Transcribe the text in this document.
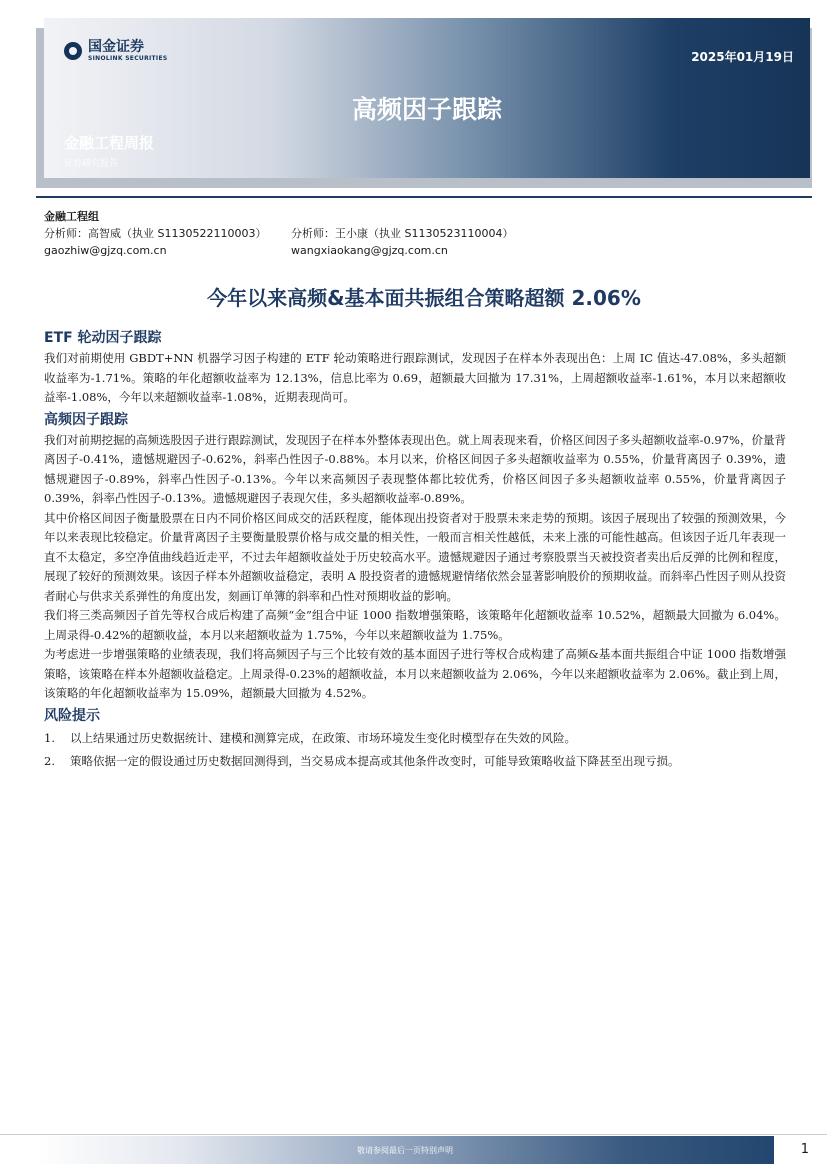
国金证券
SINOLINK SECURITIES	2025年01月19日
高频因子跟踪
金融工程周报
证券研究报告
金融工程组
分析师：高智威（执业 S1130522110003） 分析师：王小康（执业 S1130523110004）
gaozhiw@gjzq.com.cn	wangxiaokang@gjzq.com.cn
今年以来高频&基本面共振组合策略超额 2.06%
ETF 轮动因子跟踪

我们对前期使用 GBDT+NN 机器学习因子构建的 ETF 轮动策略进行跟踪测试，发现因子在样本外表现出色：上周 IC 值达-47.08%，多头超额收益率为-1.71%。策略的年化超额收益率为 12.13%，信息比率为 0.69，超额最大回撤为 17.31%，上周超额收益率-1.61%，本月以来超额收益率-1.08%，今年以来超额收益率-1.08%，近期表现尚可。

高频因子跟踪

我们对前期挖掘的高频选股因子进行跟踪测试，发现因子在样本外整体表现出色。就上周表现来看，价格区间因子多头超额收益率-0.97%，价量背离因子-0.41%，遗憾规避因子-0.62%，斜率凸性因子-0.88%。本月以来，价格区间因子多头超额收益率为 0.55%，价量背离因子 0.39%，遗憾规避因子-0.89%，斜率凸性因子-0.13%。今年以来高频因子表现整体都比较优秀，价格区间因子多头超额收益率 0.55%，价量背离因子 0.39%，斜率凸性因子-0.13%。遗憾规避因子表现欠佳，多头超额收益率-0.89%。

其中价格区间因子衡量股票在日内不同价格区间成交的活跃程度，能体现出投资者对于股票未来走势的预期。该因子展现出了较强的预测效果，今年以来表现比较稳定。价量背离因子主要衡量股票价格与成交量的相关性，一般而言相关性越低，未来上涨的可能性越高。但该因子近几年表现一直不太稳定，多空净值曲线趋近走平，不过去年超额收益处于历史较高水平。遗憾规避因子通过考察股票当天被投资者卖出后反弹的比例和程度，展现了较好的预测效果。该因子样本外超额收益稳定，表明 A 股投资者的遗憾规避情绪依然会显著影响股价的预期收益。而斜率凸性因子则从投资者耐心与供求关系弹性的角度出发，刻画订单簿的斜率和凸性对预期收益的影响。

我们将三类高频因子首先等权合成后构建了高频“金”组合中证 1000 指数增强策略，该策略年化超额收益率 10.52%，超额最大回撤为 6.04%。上周录得-0.42%的超额收益，本月以来超额收益为 1.75%，今年以来超额收益为 1.75%。

为考虑进一步增强策略的业绩表现，我们将高频因子与三个比较有效的基本面因子进行等权合成构建了高频&基本面共振组合中证 1000 指数增强策略，该策略在样本外超额收益稳定。上周录得-0.23%的超额收益，本月以来超额收益为 2.06%，今年以来超额收益率为 2.06%。截止到上周，该策略的年化超额收益率为 15.09%，超额最大回撤为 4.52%。

风险提示
1.	以上结果通过历史数据统计、建模和测算完成，在政策、市场环境发生变化时模型存在失效的风险。
2.	策略依据一定的假设通过历史数据回测得到，当交易成本提高或其他条件改变时，可能导致策略收益下降甚至出现亏损。
敬请参阅最后一页特别声明	1
